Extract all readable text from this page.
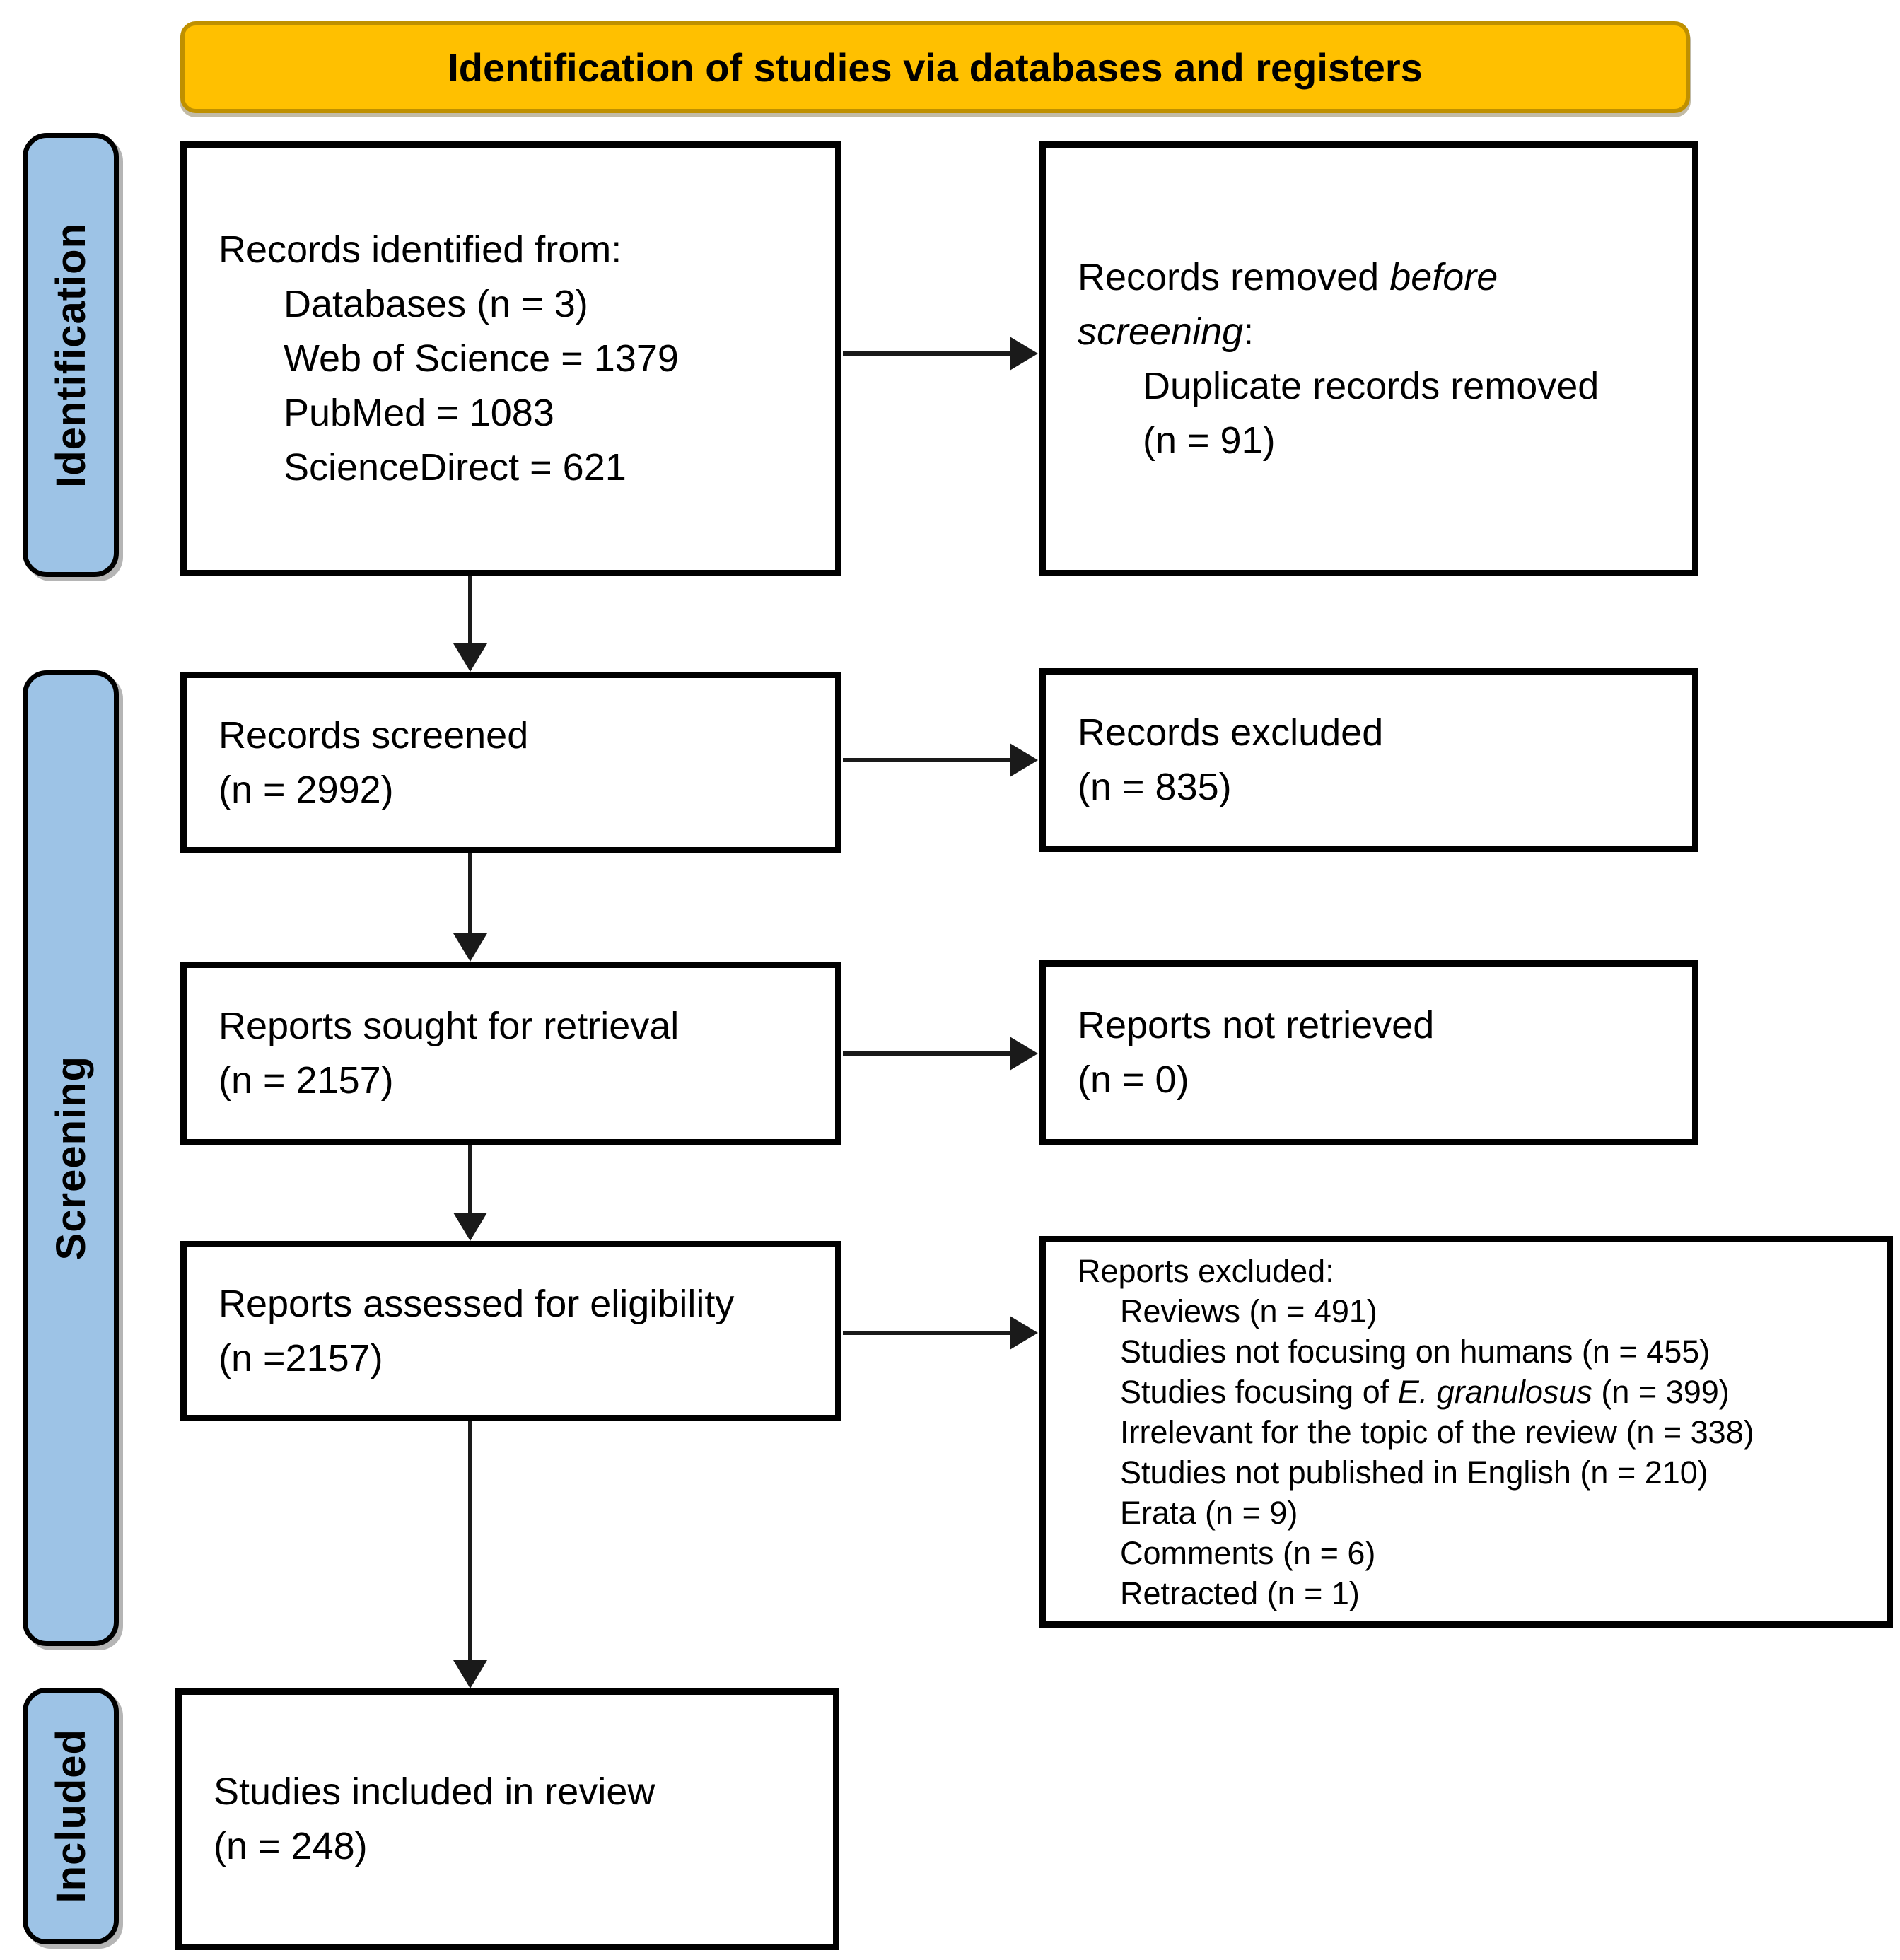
Identification of studies via databases and registers
Identification
Screening
Included
Records identified from:
Databases (n = 3)
Web of Science = 1379
PubMed = 1083
ScienceDirect = 621
Records removed before
screening:
Duplicate records removed
(n = 91)
Records screened
(n = 2992)
Records excluded
(n = 835)
Reports sought for retrieval
(n = 2157)
Reports not retrieved
(n = 0)
Reports assessed for eligibility
(n =2157)
Reports excluded:
Reviews (n = 491)
Studies not focusing on humans (n = 455)
Studies focusing of E. granulosus (n = 399)
Irrelevant for the topic of the review (n = 338)
Studies not published in English (n = 210)
Erata (n = 9)
Comments (n = 6)
Retracted (n = 1)
Studies included in review
(n = 248)
